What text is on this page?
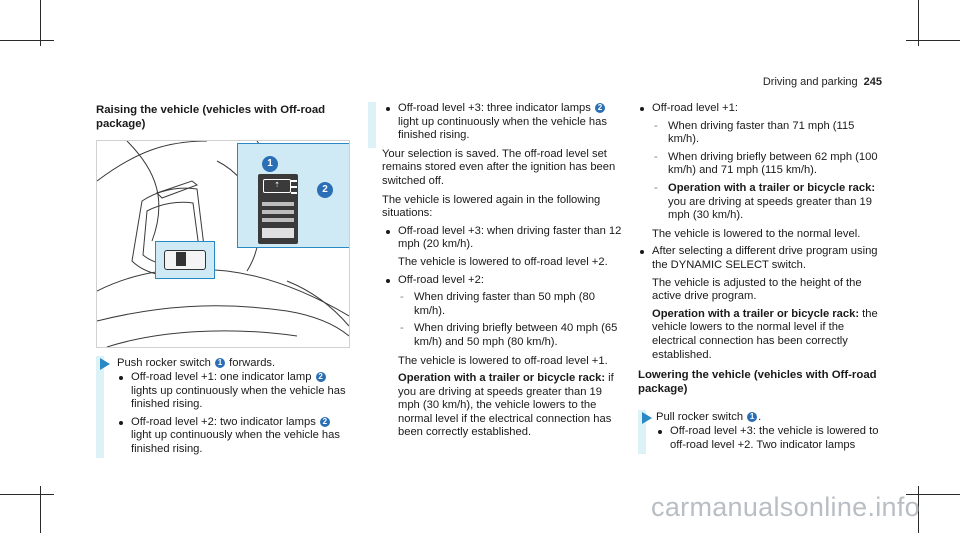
Driving and parking 245
Raising the vehicle (vehicles with Off-road package)
⇡
1
2
Push rocker switch 1 forwards.
Off-road level +1: one indicator lamp 2 lights up continuously when the vehicle has finished rising.
Off-road level +2: two indicator lamps 2 light up continuously when the vehicle has finished rising.
Off-road level +3: three indicator lamps 2 light up continuously when the vehicle has finished rising.
Your selection is saved. The off-road level set remains stored even after the ignition has been switched off.
The vehicle is lowered again in the following situations:
Off-road level +3: when driving faster than 12 mph (20 km/h).
The vehicle is lowered to off-road level +2.
Off-road level +2:
- When driving faster than 50 mph (80 km/h).
- When driving briefly between 40 mph (65 km/h) and 50 mph (80 km/h).
The vehicle is lowered to off-road level +1.
Operation with a trailer or bicycle rack: if you are driving at speeds greater than 19 mph (30 km/h), the vehicle lowers to the normal level if the electrical connection has been correctly established.
Off-road level +1:
- When driving faster than 71 mph (115 km/h).
- When driving briefly between 62 mph (100 km/h) and 71 mph (115 km/h).
- Operation with a trailer or bicycle rack: you are driving at speeds greater than 19 mph (30 km/h).
The vehicle is lowered to the normal level.
After selecting a different drive program using the DYNAMIC SELECT switch.
The vehicle is adjusted to the height of the active drive program.
Operation with a trailer or bicycle rack: the vehicle lowers to the normal level if the electrical connection has been correctly established.
Lowering the vehicle (vehicles with Off-road package)
Pull rocker switch 1 .
Off-road level +3: the vehicle is lowered to off-road level +2. Two indicator lamps
carmanualsonline.info
